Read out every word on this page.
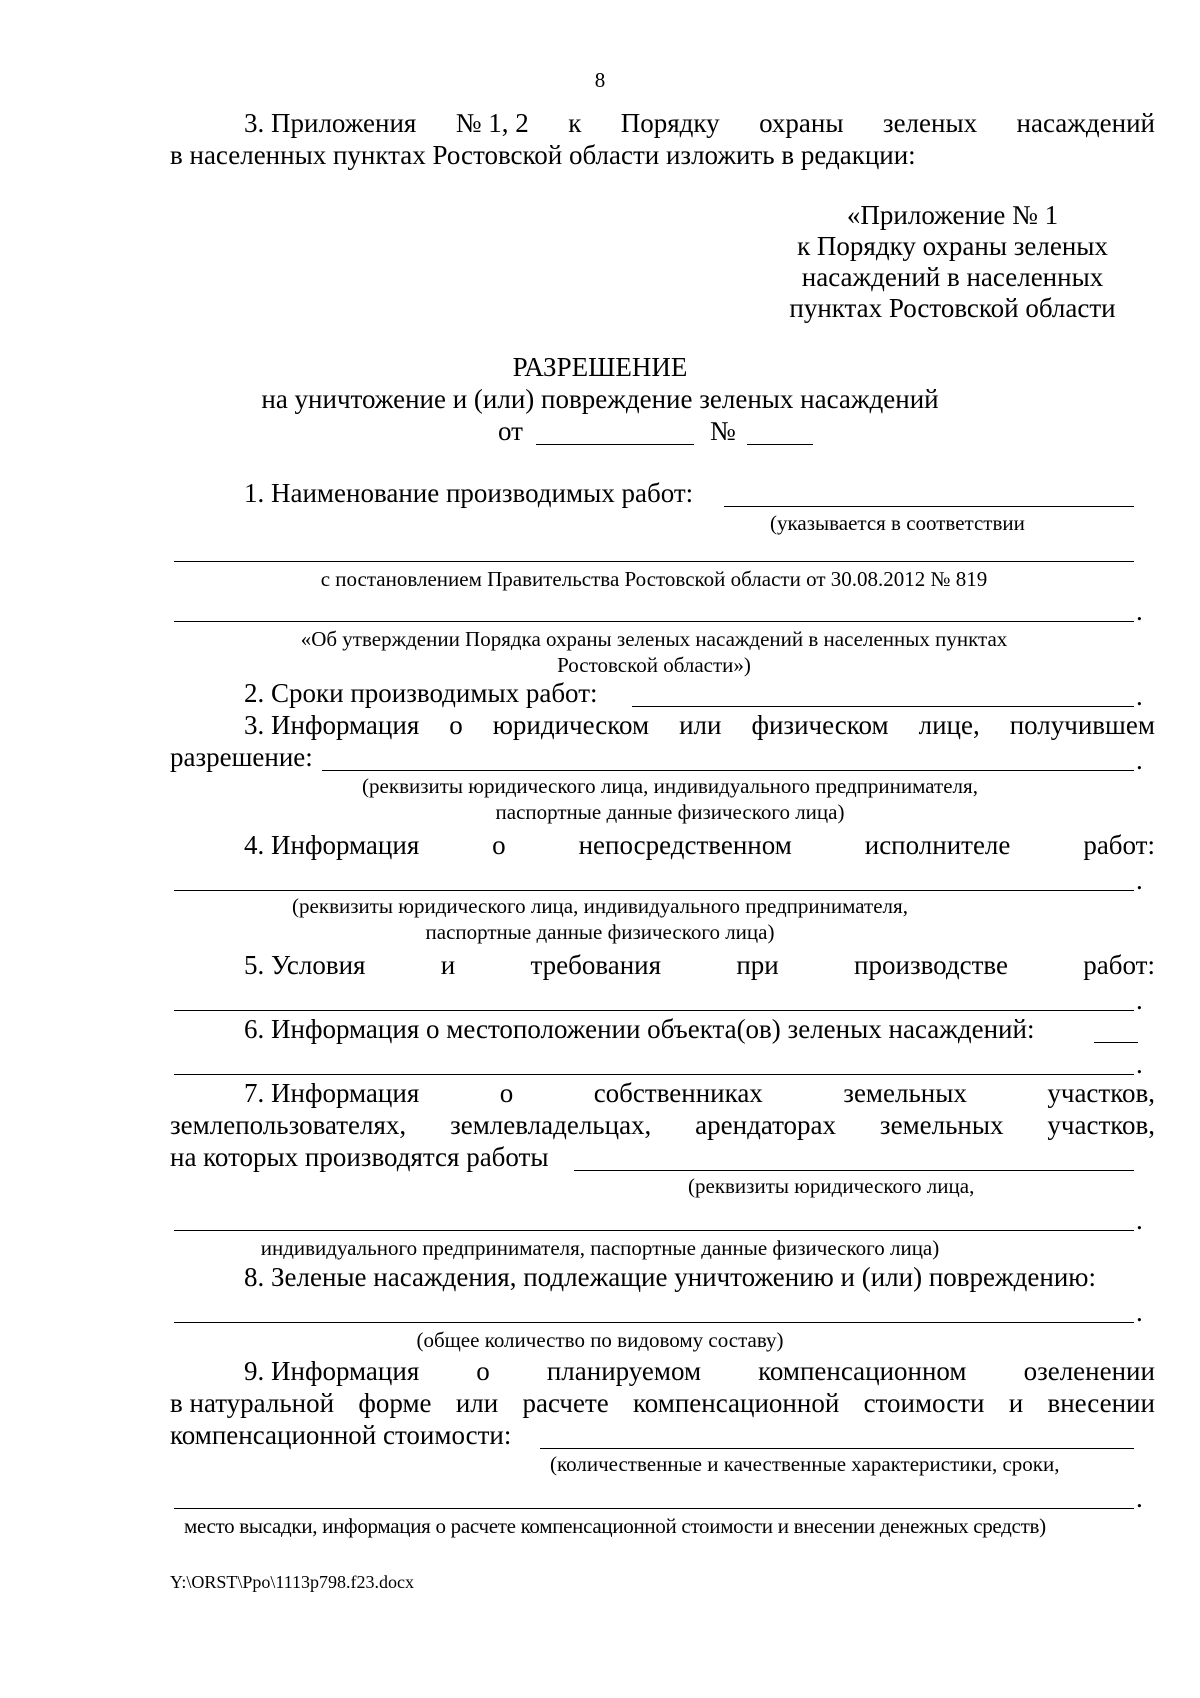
8
3. Приложения № 1, 2 к Порядку охраны зеленых насаждений
в населенных пунктах Ростовской области изложить в редакции:
«Приложение № 1
к Порядку охраны зеленых
насаждений в населенных
пунктах Ростовской области
РАЗРЕШЕНИЕ
на уничтожение и (или) повреждение зеленых насаждений
от	№
1. Наименование производимых работ:
(указывается в соответствии
с постановлением Правительства Ростовской области от 30.08.2012 № 819
.
«Об утверждении Порядка охраны зеленых насаждений в населенных пунктах
Ростовской области»)
2. Сроки производимых работ:	.
3. Информация о юридическом или физическом лице, получившем
разрешение:	.
(реквизиты юридического лица, индивидуального предпринимателя,
паспортные данные физического лица)
4. Информация	о	непосредственном	исполнителе	работ:
.
(реквизиты юридического лица, индивидуального предпринимателя,
паспортные данные физического лица)
5. Условия	и	требования	при	производстве	работ:
.
6. Информация о местоположении объекта(ов) зеленых насаждений:
.
7. Информация	о	собственниках	земельных	участков,
землепользователях, землевладельцах, арендаторах земельных участков,
на которых производятся работы
(реквизиты юридического лица,
.
индивидуального предпринимателя, паспортные данные физического лица)
8. Зеленые насаждения, подлежащие уничтожению и (или) повреждению:
.
(общее количество по видовому составу)
9. Информация о планируемом компенсационном озеленении
в натуральной форме или расчете компенсационной стоимости и внесении
компенсационной стоимости:
(количественные и качественные характеристики, сроки,
.
место высадки, информация о расчете компенсационной стоимости и внесении денежных средств)
Y:\ORST\Ppo\1113p798.f23.docx
